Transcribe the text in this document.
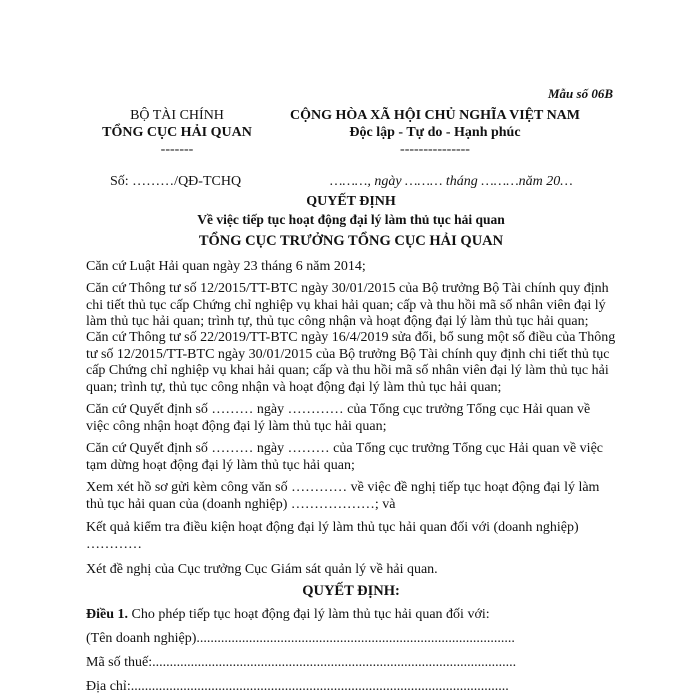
Mẫu số 06B
BỘ TÀI CHÍNH
TỔNG CỤC HẢI QUAN
-------
CỘNG HÒA XÃ HỘI CHỦ NGHĨA VIỆT NAM
Độc lập - Tự do - Hạnh phúc
---------------
Số: ………/QĐ-TCHQ	………, ngày ……… tháng ………năm 20…
QUYẾT ĐỊNH
Về việc tiếp tục hoạt động đại lý làm thủ tục hải quan
TỔNG CỤC TRƯỞNG TỔNG CỤC HẢI QUAN
Căn cứ Luật Hải quan ngày 23 tháng 6 năm 2014;
Căn cứ Thông tư số 12/2015/TT-BTC ngày 30/01/2015 của Bộ trưởng Bộ Tài chính quy định chi tiết thủ tục cấp Chứng chỉ nghiệp vụ khai hải quan; cấp và thu hồi mã số nhân viên đại lý làm thủ tục hải quan; trình tự, thủ tục công nhận và hoạt động đại lý làm thủ tục hải quan;
Căn cứ Thông tư số 22/2019/TT-BTC ngày 16/4/2019 sửa đổi, bổ sung một số điều của Thông tư số 12/2015/TT-BTC ngày 30/01/2015 của Bộ trưởng Bộ Tài chính quy định chi tiết thủ tục cấp Chứng chỉ nghiệp vụ khai hải quan; cấp và thu hồi mã số nhân viên đại lý làm thủ tục hải quan; trình tự, thủ tục công nhận và hoạt động đại lý làm thủ tục hải quan;
Căn cứ Quyết định số ……… ngày ………… của Tổng cục trưởng Tổng cục Hải quan về việc công nhận hoạt động đại lý làm thủ tục hải quan;
Căn cứ Quyết định số ……… ngày ……… của Tổng cục trưởng Tổng cục Hải quan về việc tạm dừng hoạt động đại lý làm thủ tục hải quan;
Xem xét hồ sơ gửi kèm công văn số ………… về việc đề nghị tiếp tục hoạt động đại lý làm thủ tục hải quan của (doanh nghiệp) ………………; và
Kết quả kiểm tra điều kiện hoạt động đại lý làm thủ tục hải quan đối với (doanh nghiệp) …………
Xét đề nghị của Cục trưởng Cục Giám sát quản lý về hải quan.
QUYẾT ĐỊNH:
Điều 1. Cho phép tiếp tục hoạt động đại lý làm thủ tục hải quan đối với:
(Tên doanh nghiệp)...........................................................................................
Mã số thuế:........................................................................................................
Địa chỉ:............................................................................................................
